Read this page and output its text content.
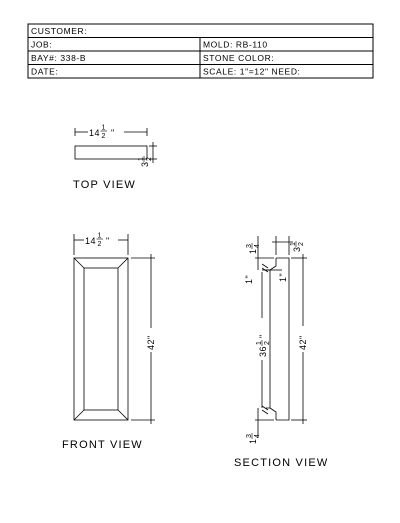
CUSTOMER:
JOB:	MOLD: RB-110
BAY#: 338-B	STONE COLOR:
DATE:	SCALE: 1"=12" NEED:
14 1
2 "
3
1 2
TOP VIEW
14 1
2 "
42"
FRONT VIEW
3
1 2
1
3 4
1"	1"
36
1 2
"
1
3 4
42"
SECTION VIEW
